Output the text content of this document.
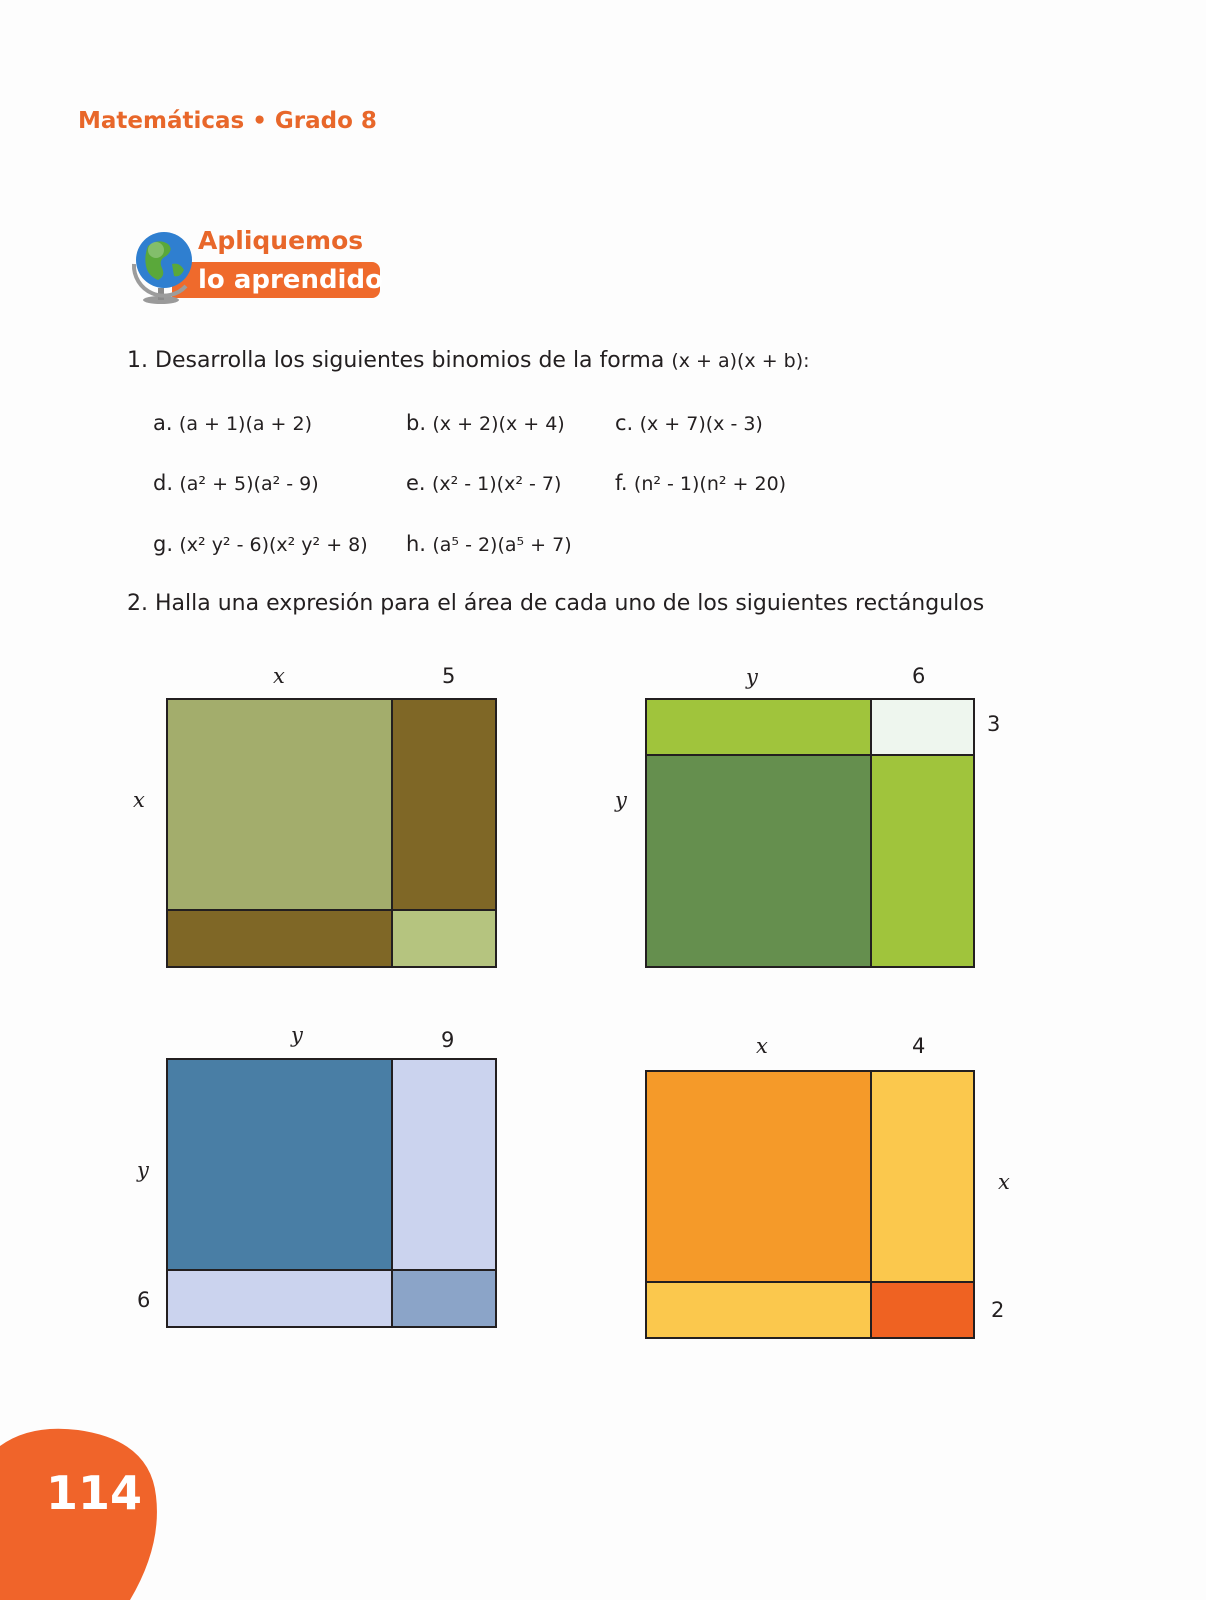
Matemáticas • Grado 8
lo aprendido
Apliquemos
1. Desarrolla los siguientes binomios de la forma (x + a)(x + b):
a. (a + 1)(a + 2)	b. (x + 2)(x + 4) c. (x + 7)(x - 3)
d. (a² + 5)(a² - 9)	e. (x² - 1)(x² - 7)	f. (n² - 1)(n² + 20)
g. (x² y² - 6)(x² y² + 8) h. (a⁵ - 2)(a⁵ + 7)
2. Halla una expresión para el área de cada uno de los siguientes rectángulos
x	5
x
y	6
y
3
y	9
y
6
x	4
x
2
114
